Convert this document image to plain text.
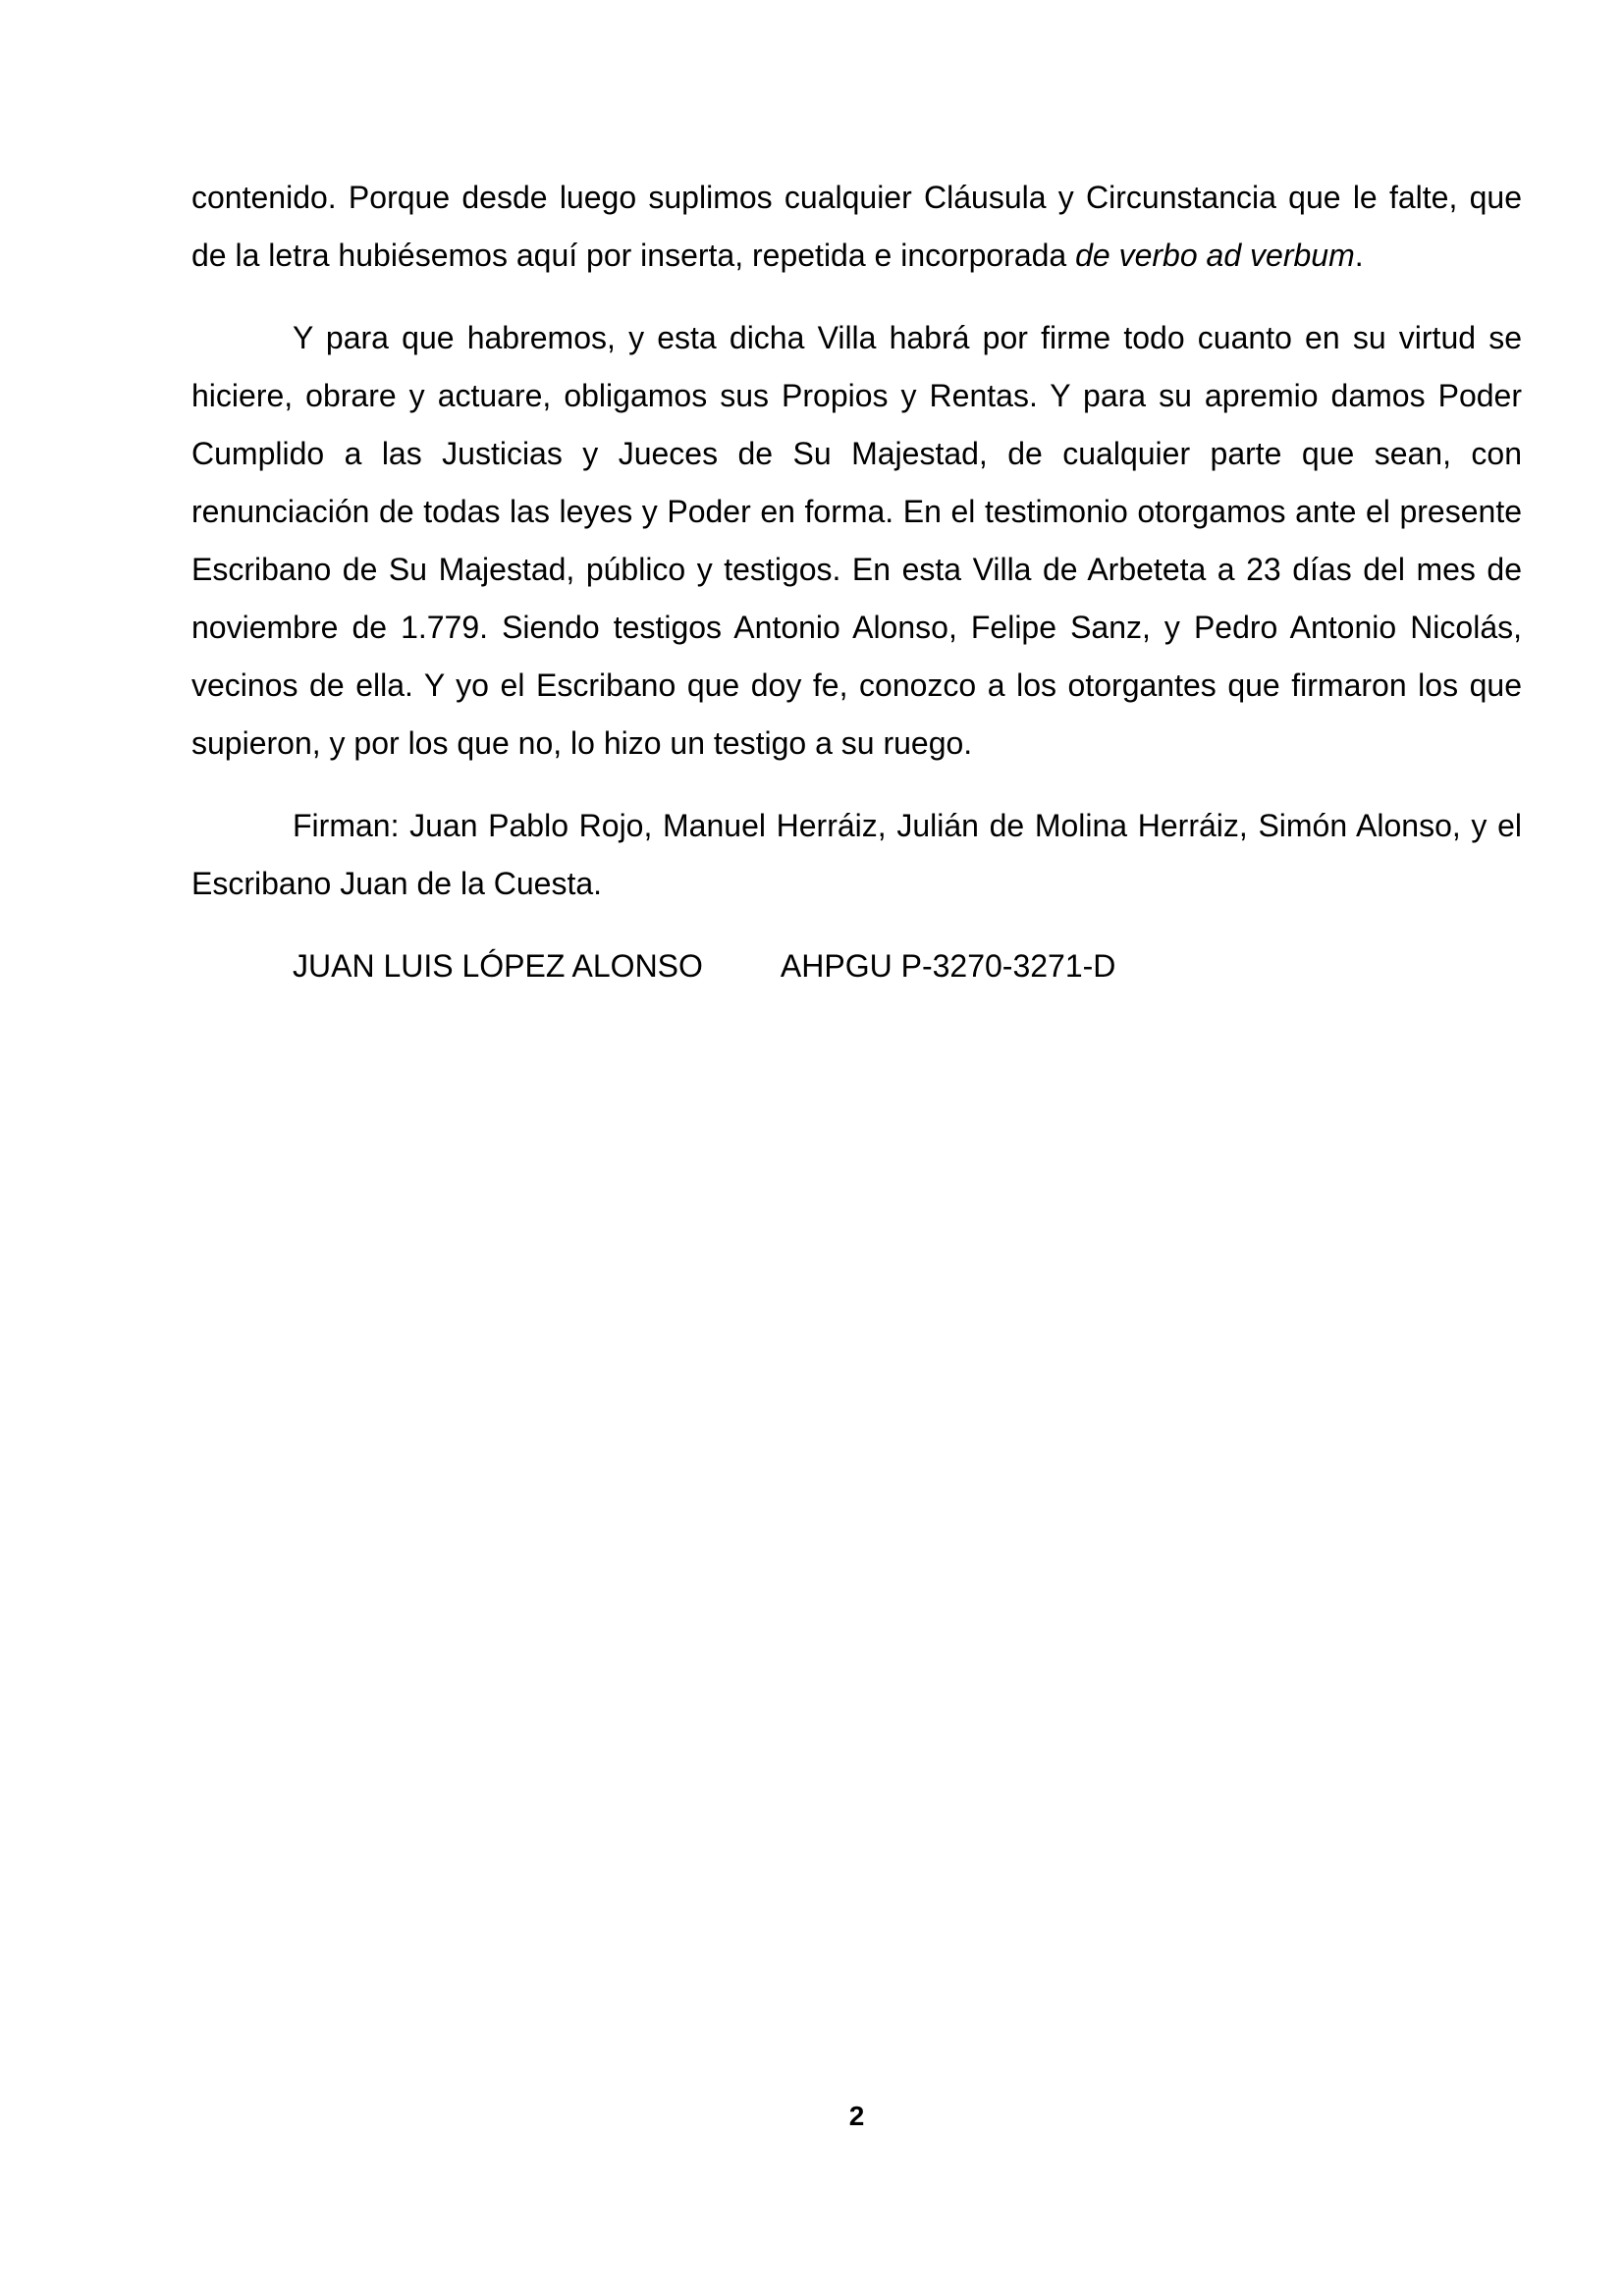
contenido. Porque desde luego suplimos cualquier Cláusula y Circunstancia que le falte, que de la letra hubiésemos aquí por inserta, repetida e incorporada de verbo ad verbum.

Y para que habremos, y esta dicha Villa habrá por firme todo cuanto en su virtud se hiciere, obrare y actuare, obligamos sus Propios y Rentas. Y para su apremio damos Poder Cumplido a las Justicias y Jueces de Su Majestad, de cualquier parte que sean, con renunciación de todas las leyes y Poder en forma. En el testimonio otorgamos ante el presente Escribano de Su Majestad, público y testigos. En esta Villa de Arbeteta a 23 días del mes de noviembre de 1.779. Siendo testigos Antonio Alonso, Felipe Sanz, y Pedro Antonio Nicolás, vecinos de ella. Y yo el Escribano que doy fe, conozco a los otorgantes que firmaron los que supieron, y por los que no, lo hizo un testigo a su ruego.

Firman: Juan Pablo Rojo, Manuel Herráiz, Julián de Molina Herráiz, Simón Alonso, y el Escribano Juan de la Cuesta.

JUAN LUIS LÓPEZ ALONSO AHPGU P-3270-3271-D

2
